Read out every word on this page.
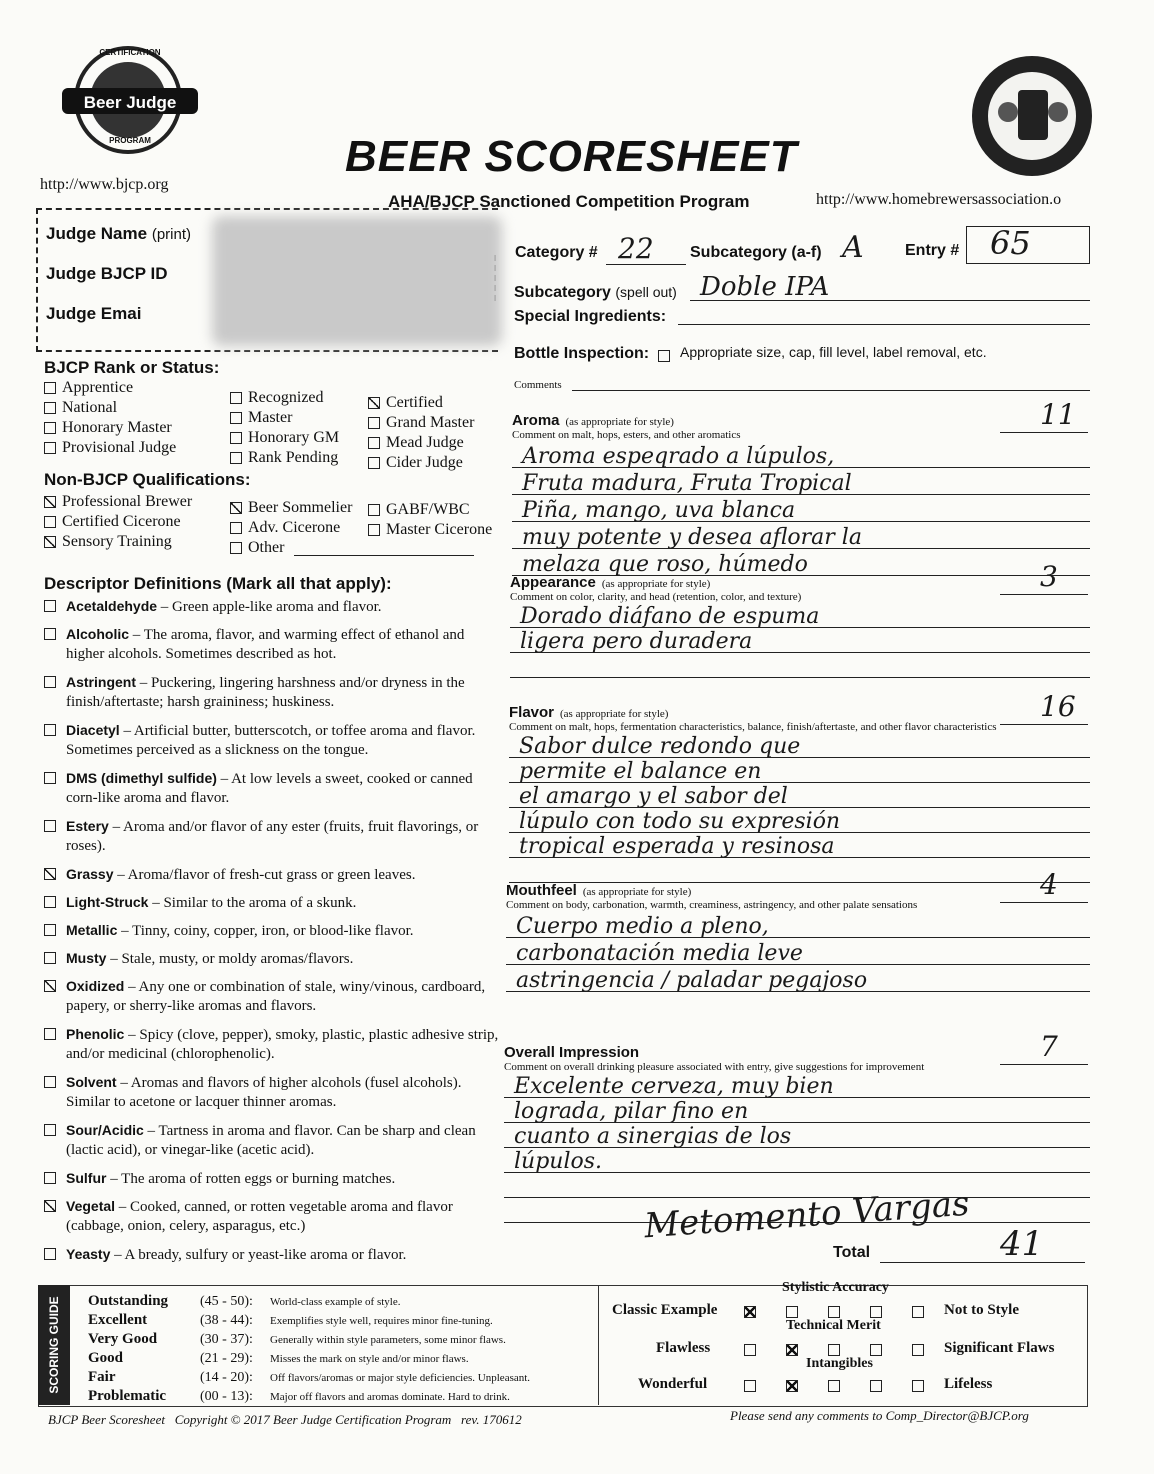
Beer Judge
CERTIFICATION
PROGRAM
http://www.bjcp.org
BEER SCORESHEET
AHA/BJCP Sanctioned Competition Program	http://www.homebrewersassociation.o
Judge Name (print)
Judge BJCP ID
Judge Emai
Category # 22 Subcategory (a-f) A	Entry # 65
Subcategory (spell out) Doble IPA
Special Ingredients:
Bottle Inspection: Appropriate size, cap, fill level, label removal, etc.
Comments
BJCP Rank or Status:
Apprentice
National
Honorary Master
Provisional Judge
Recognized
Master
Honorary GM
Rank Pending
Certified
Grand Master
Mead Judge
Cider Judge
Non-BJCP Qualifications:
Professional Brewer
Certified Cicerone
Sensory Training
Beer Sommelier
Adv. Cicerone
Other
GABF/WBC
Master Cicerone
Descriptor Definitions (Mark all that apply):
Acetaldehyde – Green apple-like aroma and flavor.
Alcoholic – The aroma, flavor, and warming effect of ethanol and higher alcohols. Sometimes described as hot.
Astringent – Puckering, lingering harshness and/or dryness in the finish/aftertaste; harsh graininess; huskiness.
Diacetyl – Artificial butter, butterscotch, or toffee aroma and flavor. Sometimes perceived as a slickness on the tongue.
DMS (dimethyl sulfide) – At low levels a sweet, cooked or canned corn-like aroma and flavor.
Estery – Aroma and/or flavor of any ester (fruits, fruit flavorings, or roses).
Grassy – Aroma/flavor of fresh-cut grass or green leaves.
Light-Struck – Similar to the aroma of a skunk.
Metallic – Tinny, coiny, copper, iron, or blood-like flavor.
Musty – Stale, musty, or moldy aromas/flavors.
Oxidized – Any one or combination of stale, winy/vinous, cardboard, papery, or sherry-like aromas and flavors.
Phenolic – Spicy (clove, pepper), smoky, plastic, plastic adhesive strip, and/or medicinal (chlorophenolic).
Solvent – Aromas and flavors of higher alcohols (fusel alcohols). Similar to acetone or lacquer thinner aromas.
Sour/Acidic – Tartness in aroma and flavor. Can be sharp and clean (lactic acid), or vinegar-like (acetic acid).
Sulfur – The aroma of rotten eggs or burning matches.
Vegetal – Cooked, canned, or rotten vegetable aroma and flavor (cabbage, onion, celery, asparagus, etc.)
Yeasty – A bready, sulfury or yeast-like aroma or flavor.
Aroma (as appropriate for style)
Comment on malt, hops, esters, and other aromatics
11
Aroma espeqrado a lúpulos,
Fruta madura, Fruta Tropical
Piña, mango, uva blanca
muy potente y desea aflorar la
melaza que roso, húmedo
Appearance (as appropriate for style)
Comment on color, clarity, and head (retention, color, and texture)
3
Dorado diáfano de espuma
ligera pero duradera
Flavor (as appropriate for style)
Comment on malt, hops, fermentation characteristics, balance, finish/aftertaste, and other flavor characteristics
16
Sabor dulce redondo que
permite el balance en
el amargo y el sabor del
lúpulo con todo su expresión
tropical esperada y resinosa
Mouthfeel (as appropriate for style)
Comment on body, carbonation, warmth, creaminess, astringency, and other palate sensations
4
Cuerpo medio a pleno,
carbonatación media leve
astringencia / paladar pegajoso
Overall Impression
Comment on overall drinking pleasure associated with entry, give suggestions for improvement
7
Excelente cerveza, muy bien
lograda, pilar fino en
cuanto a sinergias de los
lúpulos.
Metomento Vargas
Total	41
SCORING GUIDE Outstanding	(45 - 50):	World-class example of style.
Excellent	(38 - 44):	Exemplifies style well, requires minor fine-tuning.
Very Good	(30 - 37):	Generally within style parameters, some minor flaws.
Good	(21 - 29):	Misses the mark on style and/or minor flaws.
Fair	(14 - 20):	Off flavors/aromas or major style deficiencies. Unpleasant.
Problematic	(00 - 13):	Major off flavors and aromas dominate. Hard to drink.
Stylistic Accuracy
Technical Merit
Intangibles
Classic Example	Not to Style
Flawless	Significant Flaws
Wonderful	Lifeless
BJCP Beer Scoresheet   Copyright © 2017 Beer Judge Certification Program   rev. 170612	Please send any comments to Comp_Director@BJCP.org
